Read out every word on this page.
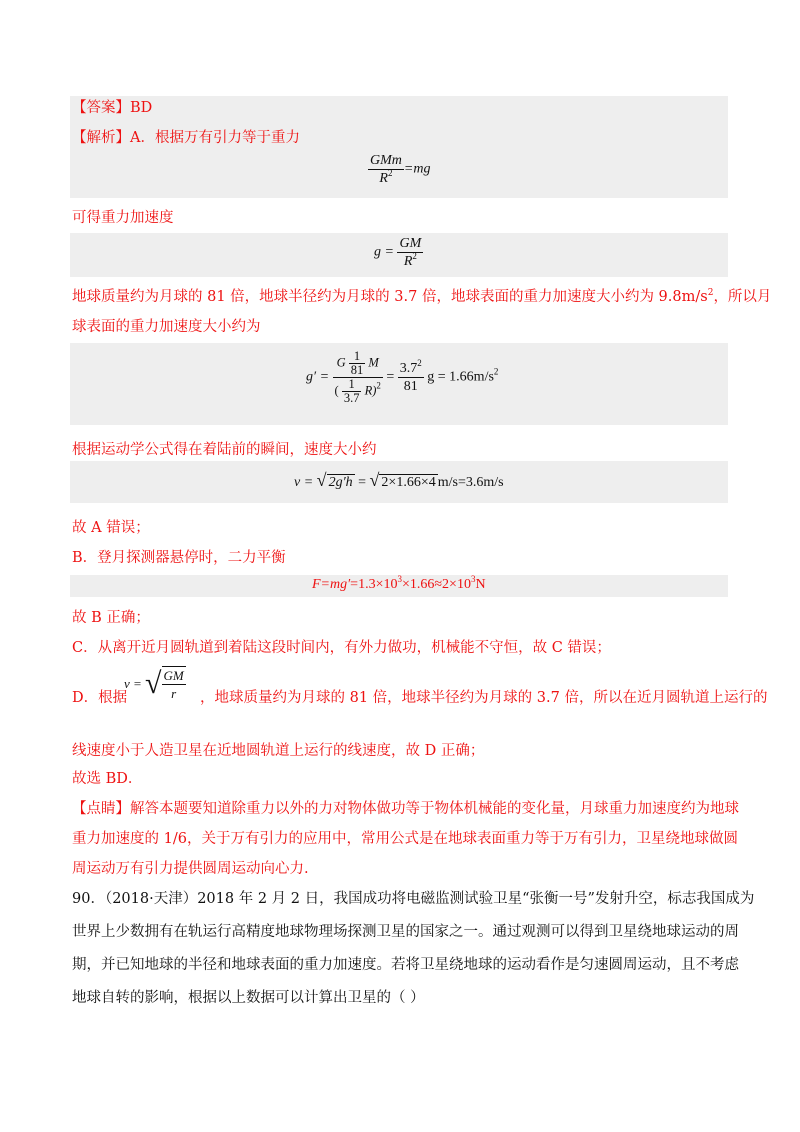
【答案】BD
【解析】A．根据万有引力等于重力
$\frac{\text{GMm}}{R^2} =mg$
可得重力加速度
$g = \frac{GM}{R^2}$
地球质量约为月球的 81 倍，地球半径约为月球的 3.7 倍，地球表面的重力加速度大小约为 $9.8m/s^2$，所以月
球表面的重力加速度大小约为
$g' = \frac{G \frac{1}{81} M}{( \frac{1}{3.7} R)^2} = \frac{3.7^2}{81}$ $g = 1.66m/s^2$
根据运动学公式得在着陆前的瞬间，速度大小约
v = √ 2g′h = √ 2×1.66×4 m/s=3.6m/s
故 A 错误；
B．登月探测器悬停时，二力平衡
$F=mg'=1.3\times 10^3\times 1.66\approx 2\times 10^3N$
故 B 正确；
C．从离开近月圆轨道到着陆这段时间内，有外力做功，机械能不守恒，故 C 错误；
D．根据
v = √ $\frac{GM}{r}$ ，地球质量约为月球的 81 倍，地球半径约为月球的 3.7 倍，所以在近月圆轨道上运行的
线速度小于人造卫星在近地圆轨道上运行的线速度，故 D 正确；
故选 BD．
【点睛】解答本题要知道除重力以外的力对物体做功等于物体机械能的变化量，月球重力加速度约为地球
重力加速度的 1/6，关于万有引力的应用中，常用公式是在地球表面重力等于万有引力，卫星绕地球做圆
周运动万有引力提供圆周运动向心力.
90．（2018·天津）2018 年 2 月 2 日，我国成功将电磁监测试验卫星“张衡一号”发射升空，标志我国成为
世界上少数拥有在轨运行高精度地球物理场探测卫星的国家之一。通过观测可以得到卫星绕地球运动的周
期，并已知地球的半径和地球表面的重力加速度。若将卫星绕地球的运动看作是匀速圆周运动，且不考虑
地球自转的影响，根据以上数据可以计算出卫星的（ ）
